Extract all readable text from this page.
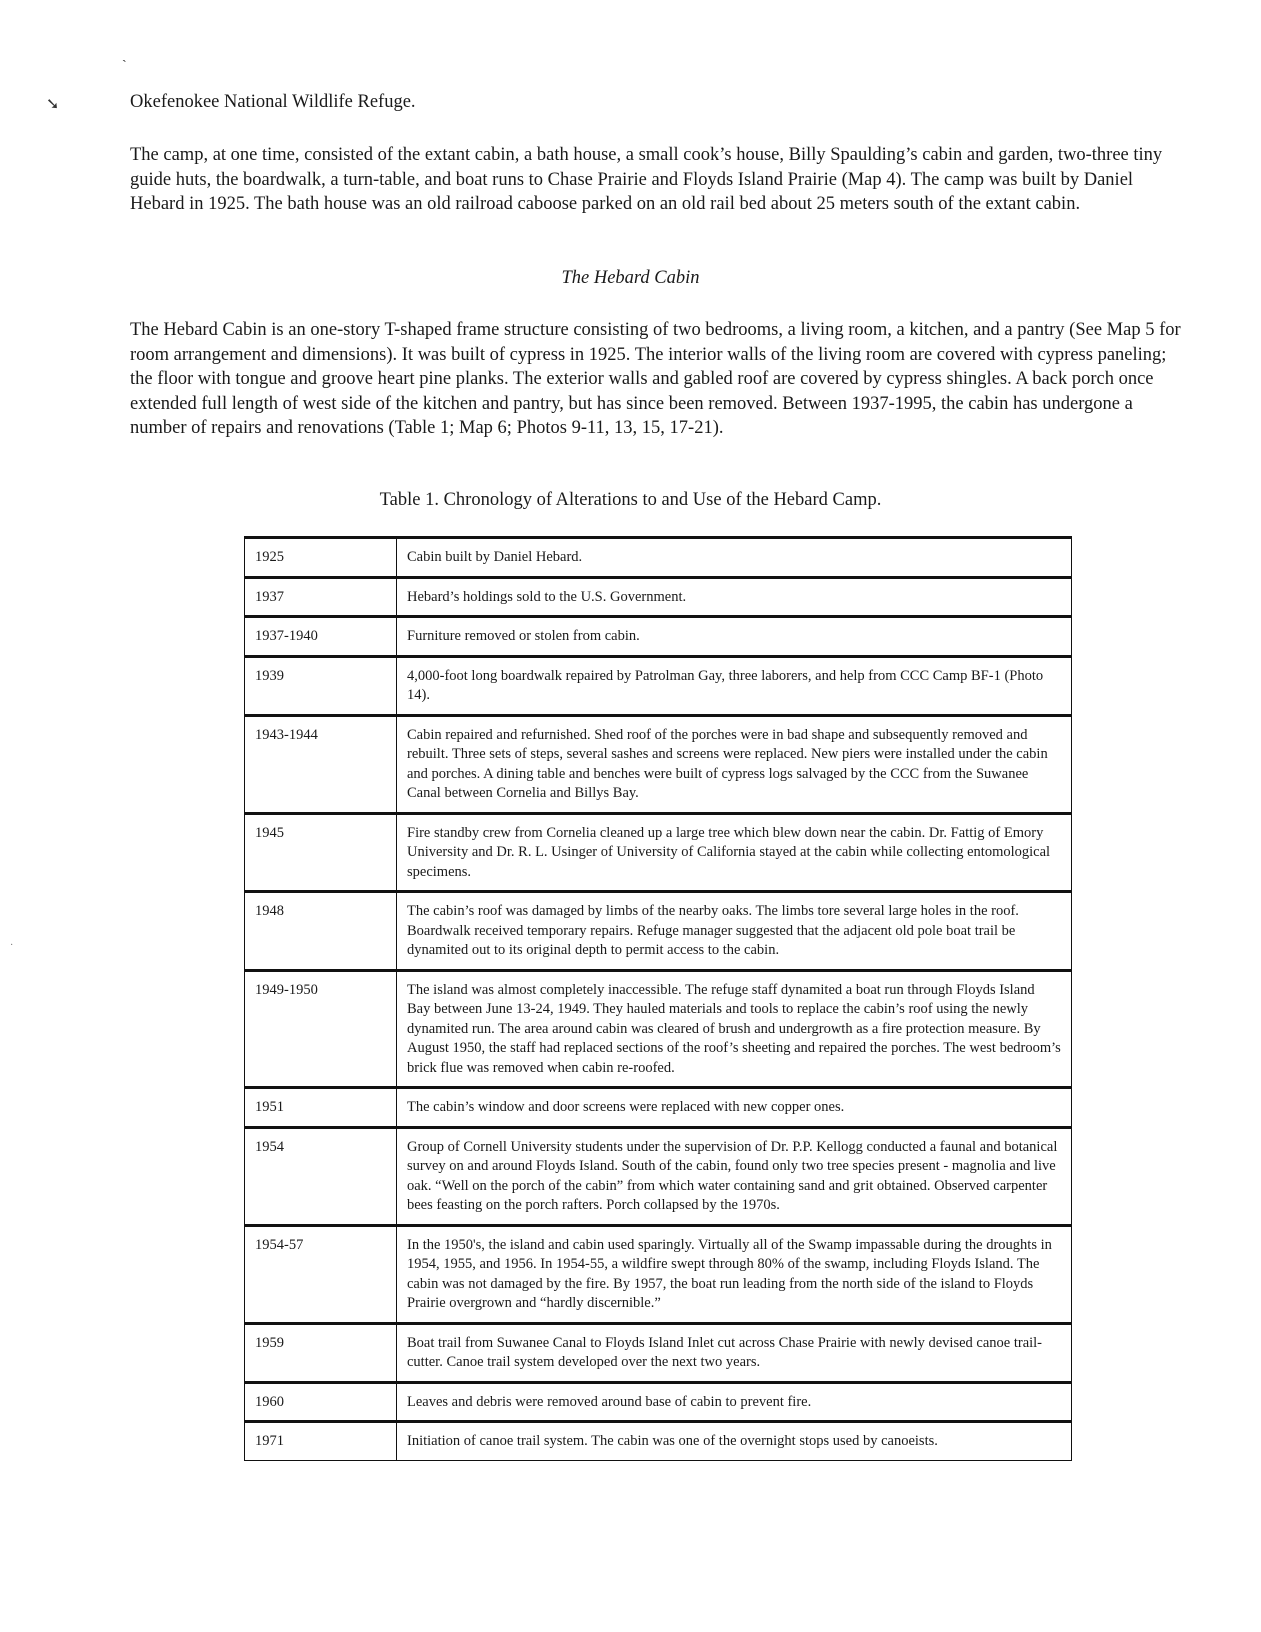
ˎ
➘
·
Okefenokee National Wildlife Refuge.
The camp, at one time, consisted of the extant cabin, a bath house, a small cook’s house, Billy Spaulding’s cabin and garden, two-three tiny guide huts, the boardwalk, a turn-table, and boat runs to Chase Prairie and Floyds Island Prairie (Map 4). The camp was built by Daniel Hebard in 1925. The bath house was an old railroad caboose parked on an old rail bed about 25 meters south of the extant cabin.
The Hebard Cabin
The Hebard Cabin is an one-story T-shaped frame structure consisting of two bedrooms, a living room, a kitchen, and a pantry (See Map 5 for room arrangement and dimensions). It was built of cypress in 1925. The interior walls of the living room are covered with cypress paneling; the floor with tongue and groove heart pine planks. The exterior walls and gabled roof are covered by cypress shingles. A back porch once extended full length of west side of the kitchen and pantry, but has since been removed. Between 1937-1995, the cabin has undergone a number of repairs and renovations (Table 1; Map 6; Photos 9-11, 13, 15, 17-21).
Table 1. Chronology of Alterations to and Use of the Hebard Camp.
1925	Cabin built by Daniel Hebard.
1937	Hebard’s holdings sold to the U.S. Government.
1937-1940	Furniture removed or stolen from cabin.
1939	4,000-foot long boardwalk repaired by Patrolman Gay, three laborers, and help from CCC Camp BF-1 (Photo 14).
1943-1944	Cabin repaired and refurnished. Shed roof of the porches were in bad shape and subsequently removed and rebuilt. Three sets of steps, several sashes and screens were replaced. New piers were installed under the cabin and porches. A dining table and benches were built of cypress logs salvaged by the CCC from the Suwanee Canal between Cornelia and Billys Bay.
1945	Fire standby crew from Cornelia cleaned up a large tree which blew down near the cabin. Dr. Fattig of Emory University and Dr. R. L. Usinger of University of California stayed at the cabin while collecting entomological specimens.
1948	The cabin’s roof was damaged by limbs of the nearby oaks. The limbs tore several large holes in the roof. Boardwalk received temporary repairs. Refuge manager suggested that the adjacent old pole boat trail be dynamited out to its original depth to permit access to the cabin.
1949-1950	The island was almost completely inaccessible. The refuge staff dynamited a boat run through Floyds Island Bay between June 13-24, 1949. They hauled materials and tools to replace the cabin’s roof using the newly dynamited run. The area around cabin was cleared of brush and undergrowth as a fire protection measure. By August 1950, the staff had replaced sections of the roof’s sheeting and repaired the porches. The west bedroom’s brick flue was removed when cabin re-roofed.
1951	The cabin’s window and door screens were replaced with new copper ones.
1954	Group of Cornell University students under the supervision of Dr. P.P. Kellogg conducted a faunal and botanical survey on and around Floyds Island. South of the cabin, found only two tree species present - magnolia and live oak. “Well on the porch of the cabin” from which water containing sand and grit obtained. Observed carpenter bees feasting on the porch rafters. Porch collapsed by the 1970s.
1954-57	In the 1950's, the island and cabin used sparingly. Virtually all of the Swamp impassable during the droughts in 1954, 1955, and 1956. In 1954-55, a wildfire swept through 80% of the swamp, including Floyds Island. The cabin was not damaged by the fire. By 1957, the boat run leading from the north side of the island to Floyds Prairie overgrown and “hardly discernible.”
1959	Boat trail from Suwanee Canal to Floyds Island Inlet cut across Chase Prairie with newly devised canoe trail-cutter. Canoe trail system developed over the next two years.
1960	Leaves and debris were removed around base of cabin to prevent fire.
1971	Initiation of canoe trail system. The cabin was one of the overnight stops used by canoeists.
